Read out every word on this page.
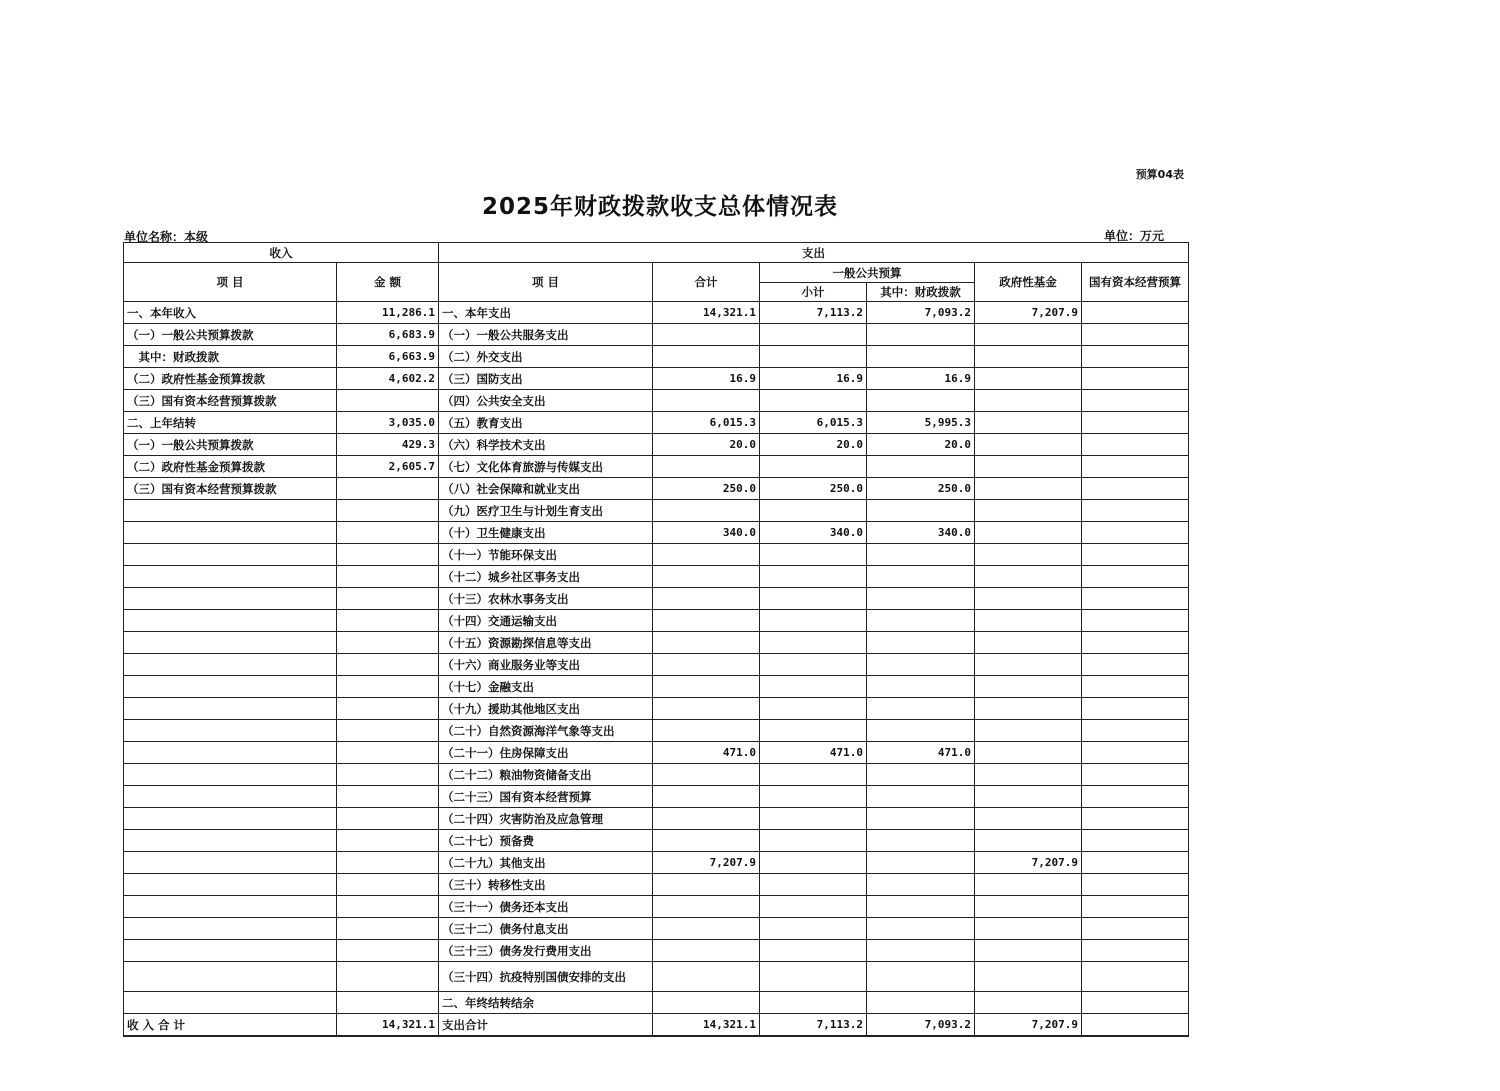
预算04表
2025年财政拨款收支总体情况表
单位名称：本级	单位：万元
收入		支出					
项 目	金 额	项 目	合计	一般公共预算		政府性基金	国有资本经营预算
				小计	其中：财政拨款		
一、本年收入	11,286.1	一、本年支出	14,321.1	7,113.2	7,093.2	7,207.9	
（一）一般公共预算拨款	6,683.9	（一）一般公共服务支出					
　其中：财政拨款	6,663.9	（二）外交支出					
（二）政府性基金预算拨款	4,602.2	（三）国防支出	16.9	16.9	16.9		
（三）国有资本经营预算拨款		（四）公共安全支出					
二、上年结转	3,035.0	（五）教育支出	6,015.3	6,015.3	5,995.3		
（一）一般公共预算拨款	429.3	（六）科学技术支出	20.0	20.0	20.0		
（二）政府性基金预算拨款	2,605.7	（七）文化体育旅游与传媒支出					
（三）国有资本经营预算拨款		（八）社会保障和就业支出	250.0	250.0	250.0		
		（九）医疗卫生与计划生育支出					
		（十）卫生健康支出	340.0	340.0	340.0		
		（十一）节能环保支出					
		（十二）城乡社区事务支出					
		（十三）农林水事务支出					
		（十四）交通运输支出					
		（十五）资源勘探信息等支出					
		（十六）商业服务业等支出					
		（十七）金融支出					
		（十九）援助其他地区支出					
		（二十）自然资源海洋气象等支出					
		（二十一）住房保障支出	471.0	471.0	471.0		
		（二十二）粮油物资储备支出					
		（二十三）国有资本经营预算					
		（二十四）灾害防治及应急管理					
		（二十七）预备费					
		（二十九）其他支出	7,207.9			7,207.9	
		（三十）转移性支出					
		（三十一）债务还本支出					
		（三十二）债务付息支出					
		（三十三）债务发行费用支出					
		（三十四）抗疫特别国债安排的支出					
		二、年终结转结余					
收 入 合 计	14,321.1	支出合计	14,321.1	7,113.2	7,093.2	7,207.9	
